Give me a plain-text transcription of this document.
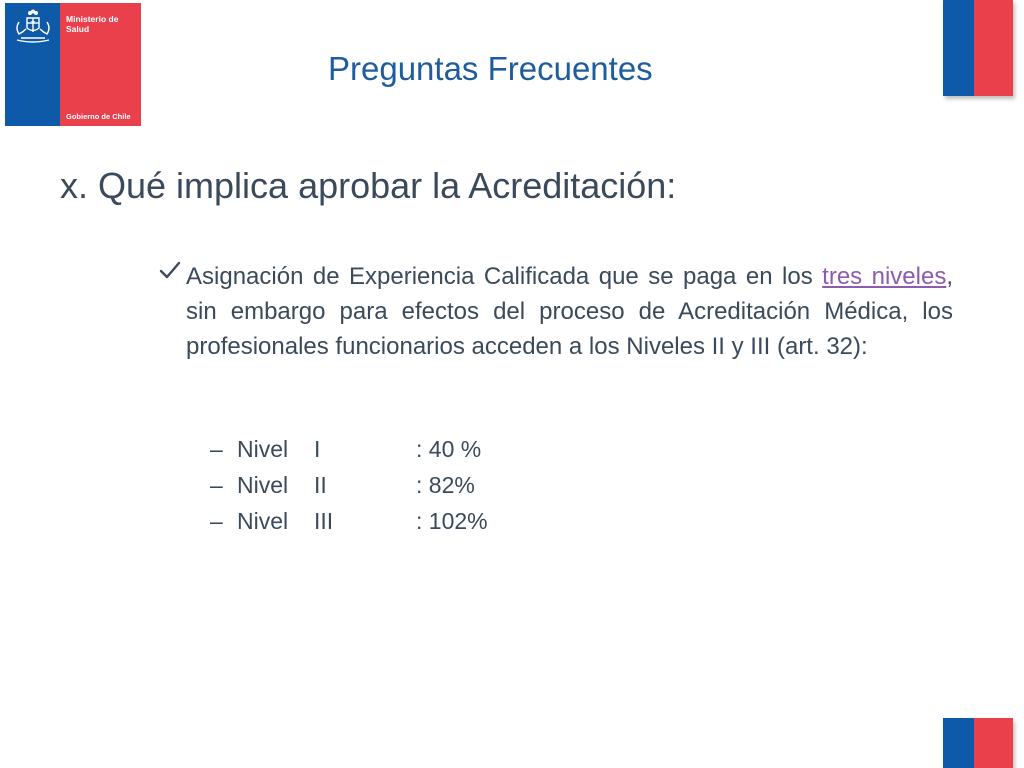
Ministerio de Salud
Gobierno de Chile
Preguntas Frecuentes
x. Qué implica aprobar la Acreditación:

Asignación de Experiencia Calificada que se paga en los tres niveles, sin embargo para efectos del proceso de Acreditación Médica, los profesionales funcionarios acceden a los Niveles II y III (art. 32):

– Nivel I	: 40 %
– Nivel II	: 82%
– Nivel III	: 102%
